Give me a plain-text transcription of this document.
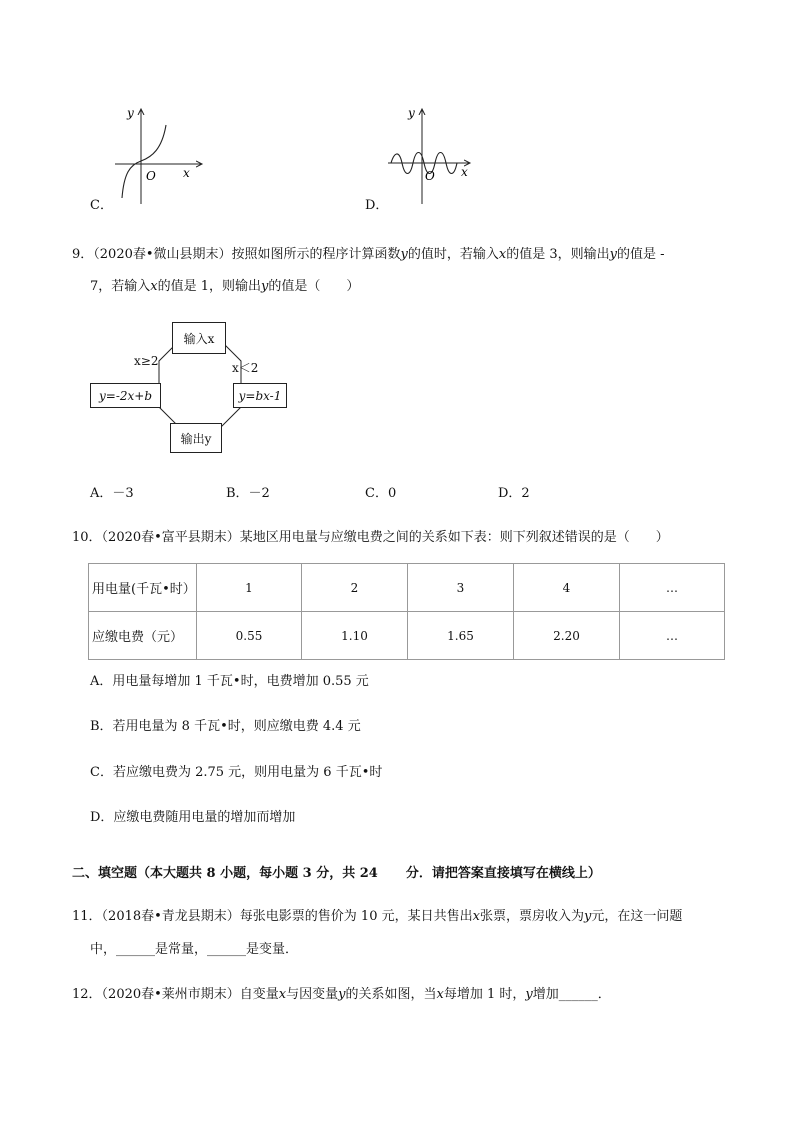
y
x
O
C．
y
x
O
D．
9．（2020春•微山县期末）按照如图所示的程序计算函数y的值时，若输入x的值是 3，则输出y的值是 -
7，若输入x的值是 1，则输出y的值是（　　）
输入x
输出y
y=-2x+b	y=bx-1
x≥2	x＜2
A．－3	B．－2	C．0	D．2
10．（2020春•富平县期末）某地区用电量与应缴电费之间的关系如下表：则下列叙述错误的是（　　）
用电量(千瓦•时）	1	2	3	4	…
应缴电费（元）	0.55	1.10	1.65	2.20	…
A．用电量每增加 1 千瓦•时，电费增加 0.55 元
B．若用电量为 8 千瓦•时，则应缴电费 4.4 元
C．若应缴电费为 2.75 元，则用电量为 6 千瓦•时
D．应缴电费随用电量的增加而增加
二、填空题（本大题共 8 小题，每小题 3 分，共 24 分．请把答案直接填写在横线上）
11．（2018春•青龙县期末）每张电影票的售价为 10 元，某日共售出x张票，票房收入为y元，在这一问题
中，______是常量，______是变量．
12．（2020春•莱州市期末）自变量x与因变量y的关系如图，当x每增加 1 时，y增加______．
